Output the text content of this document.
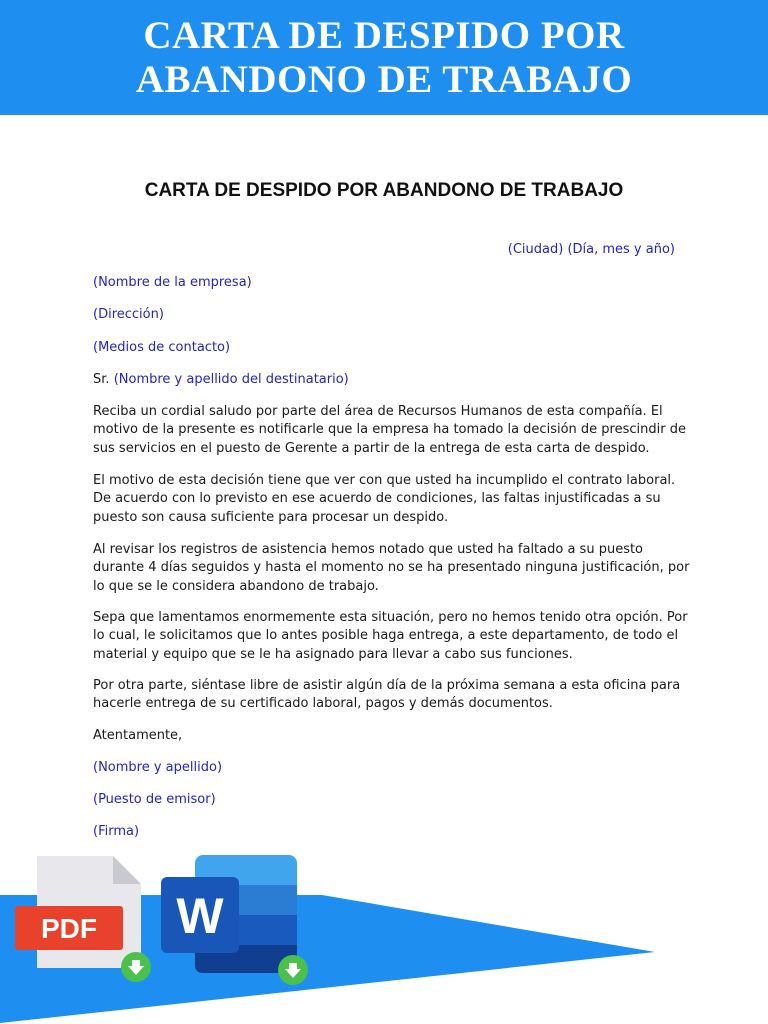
CARTA DE DESPIDO POR
ABANDONO DE TRABAJO
CARTA DE DESPIDO POR ABANDONO DE TRABAJO
(Ciudad) (Día, mes y año)
(Nombre de la empresa)
(Dirección)
(Medios de contacto)
Sr. (Nombre y apellido del destinatario)
Reciba un cordial saludo por parte del área de Recursos Humanos de esta compañía. El motivo de la presente es notificarle que la empresa ha tomado la decisión de prescindir de sus servicios en el puesto de Gerente a partir de la entrega de esta carta de despido.
El motivo de esta decisión tiene que ver con que usted ha incumplido el contrato laboral. De acuerdo con lo previsto en ese acuerdo de condiciones, las faltas injustificadas a su puesto son causa suficiente para procesar un despido.
Al revisar los registros de asistencia hemos notado que usted ha faltado a su puesto durante 4 días seguidos y hasta el momento no se ha presentado ninguna justificación, por lo que se le considera abandono de trabajo.
Sepa que lamentamos enormemente esta situación, pero no hemos tenido otra opción. Por lo cual, le solicitamos que lo antes posible haga entrega, a este departamento, de todo el material y equipo que se le ha asignado para llevar a cabo sus funciones.
Por otra parte, siéntase libre de asistir algún día de la próxima semana a esta oficina para hacerle entrega de su certificado laboral, pagos y demás documentos.
Atentamente,
(Nombre y apellido)
(Puesto de emisor)
(Firma)
PDF W
